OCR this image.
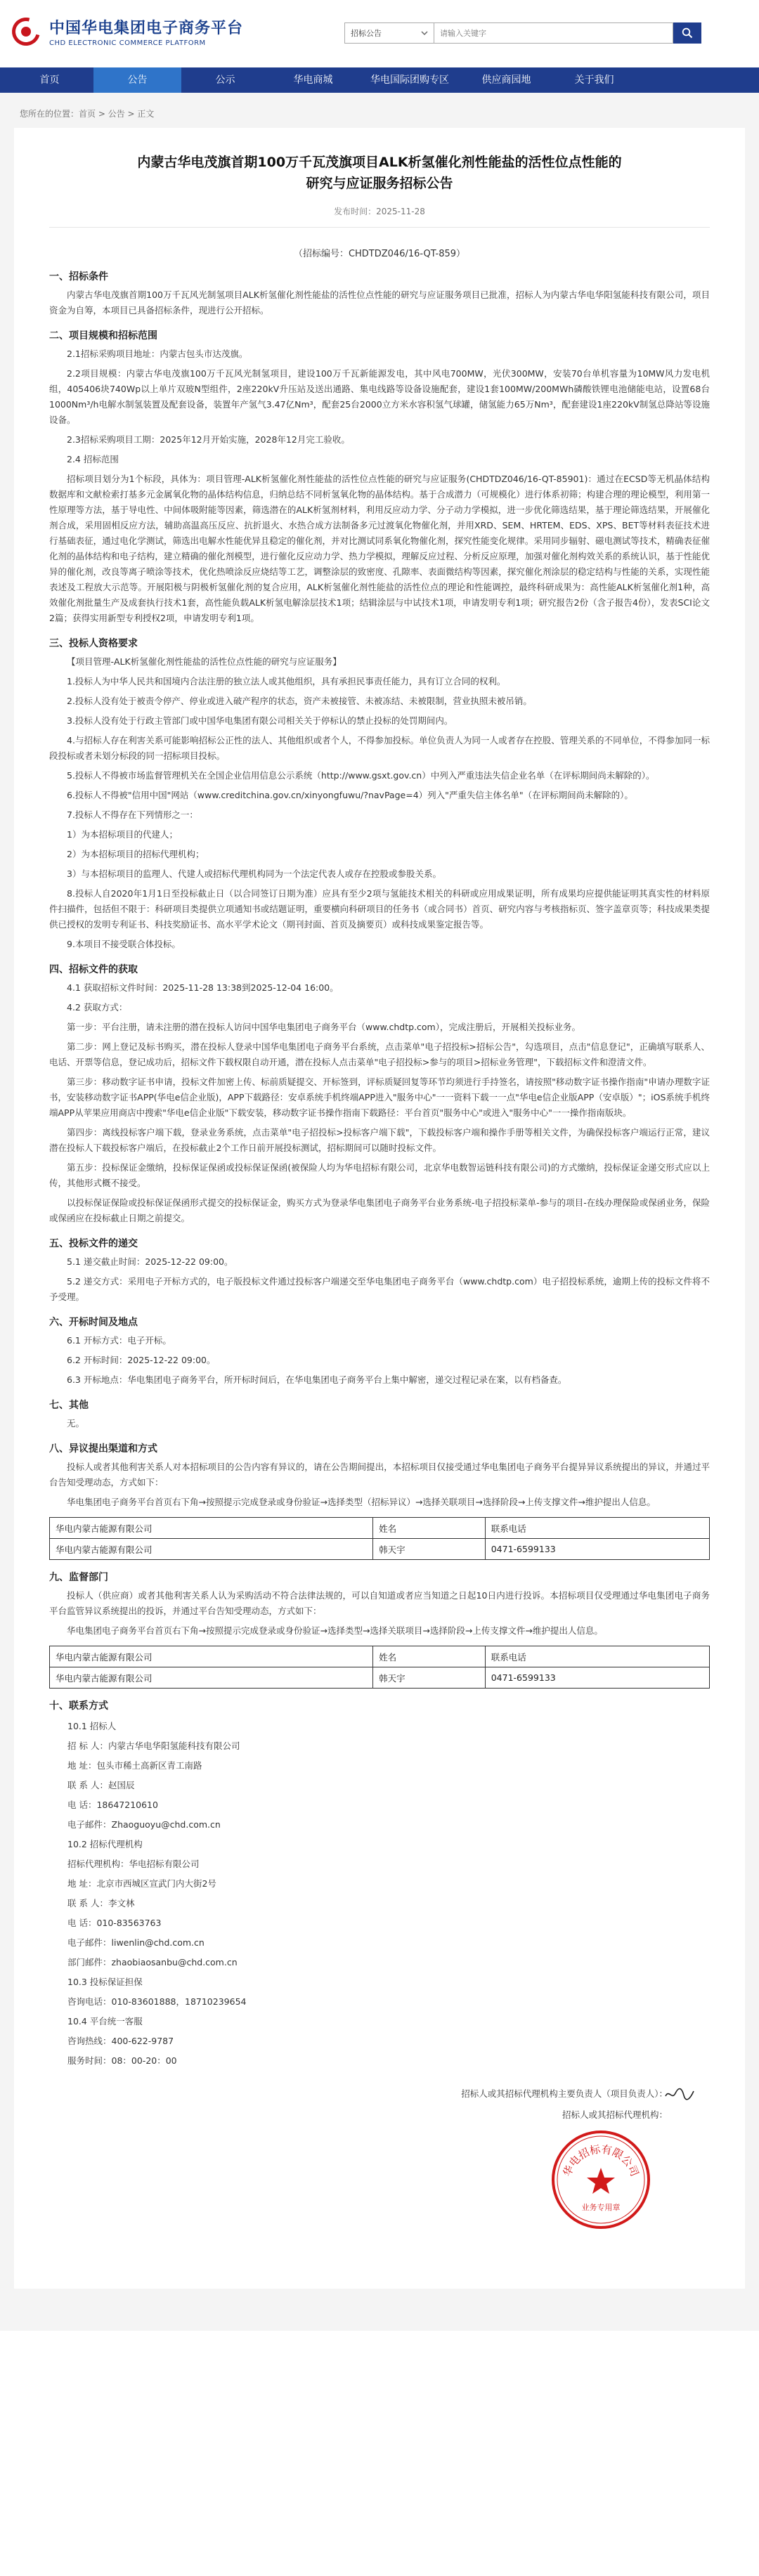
中国华电集团电子商务平台
CHD ELECTRONIC COMMERCE PLATFORM
招标公告
请输入关键字
首页	公告	公示	华电商城	华电国际团购专区	供应商园地	关于我们
您所在的位置：首页 > 公告 > 正文
内蒙古华电茂旗首期100万千瓦茂旗项目ALK析氢催化剂性能盐的活性位点性能的
研究与应证服务招标公告
发布时间：2025-11-28
（招标编号：CHDTDZ046/16-QT-859）
一、招标条件
内蒙古华电茂旗首期100万千瓦风光制氢项目ALK析氢催化剂性能盐的活性位点性能的研究与应证服务项目已批准，招标人为内蒙古华电华阳氢能科技有限公司，项目资金为自筹，本项目已具备招标条件，现进行公开招标。
二、项目规模和招标范围
2.1招标采购项目地址：内蒙古包头市达茂旗。
2.2项目规模：内蒙古华电茂旗100万千瓦风光制氢项目，建设100万千瓦新能源发电，其中风电700MW，光伏300MW，安装70台单机容量为10MW风力发电机组，405406块740Wp以上单片双玻N型组件，2座220kV升压站及送出通路、集电线路等设备设施配套，建设1套100MW/200MWh磷酸铁锂电池储能电站，设置68台1000Nm³/h电解水制氢装置及配套设备，装置年产氢气3.47亿Nm³，配套25台2000立方米水容积氢气球罐，储氢能力65万Nm³，配套建设1座220kV制氢总降站等设施设备。
2.3招标采购项目工期：2025年12月开始实施，2028年12月完工验收。
2.4 招标范围
招标项目划分为1个标段，具体为：项目管理-ALK析氢催化剂性能盐的活性位点性能的研究与应证服务(CHDTDZ046/16-QT-85901)：通过在ECSD等无机晶体结构数据库和文献检索打基多元金属氧化物的晶体结构信息，归纳总结不同析氢氧化物的晶体结构。基于合成潜力（可规模化）进行体系初筛；构建合理的理论模型，利用第一性原理等方法，基于导电性、中间体吸附能等因素，筛选潜在的ALK析氢剂材料，利用反应动力学、分子动力学模拟，进一步优化筛选结果，基于理论筛选结果，开展催化剂合成，采用固相反应方法，辅助高温高压反应、抗折退火、水热合成方法制备多元过渡氧化物催化剂，并用XRD、SEM、HRTEM、EDS、XPS、BET等材料表征技术进行基础表征，通过电化学测试，筛选出电解水性能优异且稳定的催化剂，并对比测试同系氧化物催化剂，探究性能变化规律。采用同步辐射、磁电测试等技术，精确表征催化剂的晶体结构和电子结构，建立精确的催化剂模型，进行催化反应动力学、热力学模拟，理解反应过程、分析反应原理，加强对催化剂构效关系的系统认识，基于性能优异的催化剂，改良等离子喷涂等技术，优化热喷涂反应烧结等工艺，调整涂层的致密度、孔隙率、表面微结构等因素，探究催化剂涂层的稳定结构与性能的关系，实现性能表述及工程放大示范等。开展阳极与阴极析氢催化剂的复合应用，ALK析氢催化剂性能盐的活性位点的理论和性能调控，最终科研成果为：高性能ALK析氢催化剂1种，高效催化剂批量生产及成套执行技术1套，高性能负载ALK析氢电解涂层技术1项；结辑涂层与中试技术1项，申请发明专利1项；研究报告2份（含子报告4份），发表SCI论文2篇；获得实用新型专利授权2项，申请发明专利1项。
三、投标人资格要求
【项目管理-ALK析氢催化剂性能盐的活性位点性能的研究与应证服务】
1.投标人为中华人民共和国境内合法注册的独立法人或其他组织，具有承担民事责任能力，具有订立合同的权利。
2.投标人没有处于被责令停产、停业或进入破产程序的状态，资产未被接管、未被冻结、未被限制，营业执照未被吊销。
3.投标人没有处于行政主管部门或中国华电集团有限公司相关关于停标认的禁止投标的处罚期间内。
4.与招标人存在利害关系可能影响招标公正性的法人、其他组织或者个人，不得参加投标。单位负责人为同一人或者存在控股、管理关系的不同单位，不得参加同一标段投标或者未划分标段的同一招标项目投标。
5.投标人不得被市场监督管理机关在全国企业信用信息公示系统（http://www.gsxt.gov.cn）中列入严重违法失信企业名单（在评标期间尚未解除的）。
6.投标人不得被"信用中国"网站（www.creditchina.gov.cn/xinyongfuwu/?navPage=4）列入"严重失信主体名单"（在评标期间尚未解除的）。
7.投标人不得存在下列情形之一：
1）为本招标项目的代建人；
2）为本招标项目的招标代理机构；
3）与本招标项目的监理人、代建人或招标代理机构同为一个法定代表人或存在控股或参股关系。
8.投标人自2020年1月1日至投标截止日（以合同签订日期为准）应具有至少2项与氢能技术相关的科研或应用成果证明，所有成果均应提供能证明其真实性的材料原件扫描件，包括但不限于：科研项目类提供立项通知书或结题证明，重要横向科研项目的任务书（或合同书）首页、研究内容与考核指标页、签字盖章页等；科技成果类提供已授权的发明专利证书、科技奖励证书、高水平学术论文（期刊封面、首页及摘要页）或科技成果鉴定报告等。
9.本项目不接受联合体投标。
四、招标文件的获取
4.1 获取招标文件时间：2025-11-28 13:38到2025-12-04 16:00。
4.2 获取方式：
第一步：平台注册，请未注册的潜在投标人访问中国华电集团电子商务平台（www.chdtp.com），完成注册后，开展相关投标业务。
第二步：网上登记及标书购买，潜在投标人登录中国华电集团电子商务平台系统，点击菜单"电子招投标>招标公告"，勾选项目，点击"信息登记"，正确填写联系人、电话、开票等信息，登记成功后，招标文件下载权限自动开通，潜在投标人点击菜单"电子招投标>参与的项目>招标业务管理"，下载招标文件和澄清文件。
第三步：移动数字证书申请，投标文件加密上传、标前质疑提交、开标签到，评标质疑回复等环节均须进行手持签名，请按照"移动数字证书操作指南"申请办理数字证书，安装移动数字证书APP(华电e信企业版)，APP下载路径：安卓系统手机终端APP进入"服务中心"一一资料下载一一点"华电e信企业版APP（安卓版）"；iOS系统手机终端APP从苹果应用商店中搜索"华电e信企业版"下载安装，移动数字证书操作指南下载路径：平台首页"服务中心"或进入"服务中心"一一操作指南版块。
第四步：离线投标客户端下载，登录业务系统，点击菜单"电子招投标>投标客户端下载"，下载投标客户端和操作手册等相关文件，为确保投标客户端运行正常，建议潜在投标人下载投标客户端后，在投标截止2个工作日前开展投标测试，招标期间可以随时投标文件。
第五步：投标保证金缴纳，投标保证保函或投标保证保函(被保险人均为华电招标有限公司，北京华电数智运链科技有限公司)的方式缴纳，投标保证金递交形式应以上传，其他形式概不接受。
以投标保证保险或投标保证保函形式提交的投标保证金，购买方式为登录华电集团电子商务平台业务系统-电子招投标菜单-参与的项目-在线办理保险或保函业务，保险或保函应在投标截止日期之前提交。
五、投标文件的递交
5.1 递交截止时间：2025-12-22 09:00。
5.2 递交方式：采用电子开标方式的，电子版投标文件通过投标客户端递交至华电集团电子商务平台（www.chdtp.com）电子招投标系统，逾期上传的投标文件将不予受理。
六、开标时间及地点
6.1 开标方式：电子开标。
6.2 开标时间：2025-12-22 09:00。
6.3 开标地点：华电集团电子商务平台，所开标时间后，在华电集团电子商务平台上集中解密，递交过程记录在案，以有档备查。
七、其他
无。
八、异议提出渠道和方式
投标人或者其他利害关系人对本招标项目的公告内容有异议的，请在公告期间提出，本招标项目仅接受通过华电集团电子商务平台提异异议系统提出的异议，并通过平台告知受理动态，方式如下：
华电集团电子商务平台首页右下角→按照提示完成登录或身份验证→选择类型（招标异议）→选择关联项目→选择阶段→上传支撑文件→维护提出人信息。
华电内蒙古能源有限公司	姓名	联系电话
华电内蒙古能源有限公司	韩天宇	0471-6599133
九、监督部门
投标人（供应商）或者其他利害关系人认为采购活动不符合法律法规的，可以自知道或者应当知道之日起10日内进行投诉。本招标项目仅受理通过华电集团电子商务平台监管异议系统提出的投诉，并通过平台告知受理动态，方式如下：
华电集团电子商务平台首页右下角→按照提示完成登录或身份验证→选择类型→选择关联项目→选择阶段→上传支撑文件→维护提出人信息。
华电内蒙古能源有限公司	姓名	联系电话
华电内蒙古能源有限公司	韩天宇	0471-6599133
十、联系方式
10.1 招标人
招 标 人：内蒙古华电华阳氢能科技有限公司
地 址：包头市稀土高新区青工南路
联 系 人：赵国辰
电 话：18647210610
电子邮件：Zhaoguoyu@chd.com.cn
10.2 招标代理机构
招标代理机构：华电招标有限公司
地 址：北京市西城区宣武门内大街2号
联 系 人：李文林
电 话：010-83563763
电子邮件：liwenlin@chd.com.cn
部门邮件：zhaobiaosanbu@chd.com.cn
10.3 投标保证担保
咨询电话：010-83601888，18710239654
10.4 平台统一客服
咨询热线：400-622-9787
服务时间：08：00-20：00
招标人或其招标代理机构主要负责人（项目负责人）：
招标人或其招标代理机构：
华电招标有限公司
业务专用章
